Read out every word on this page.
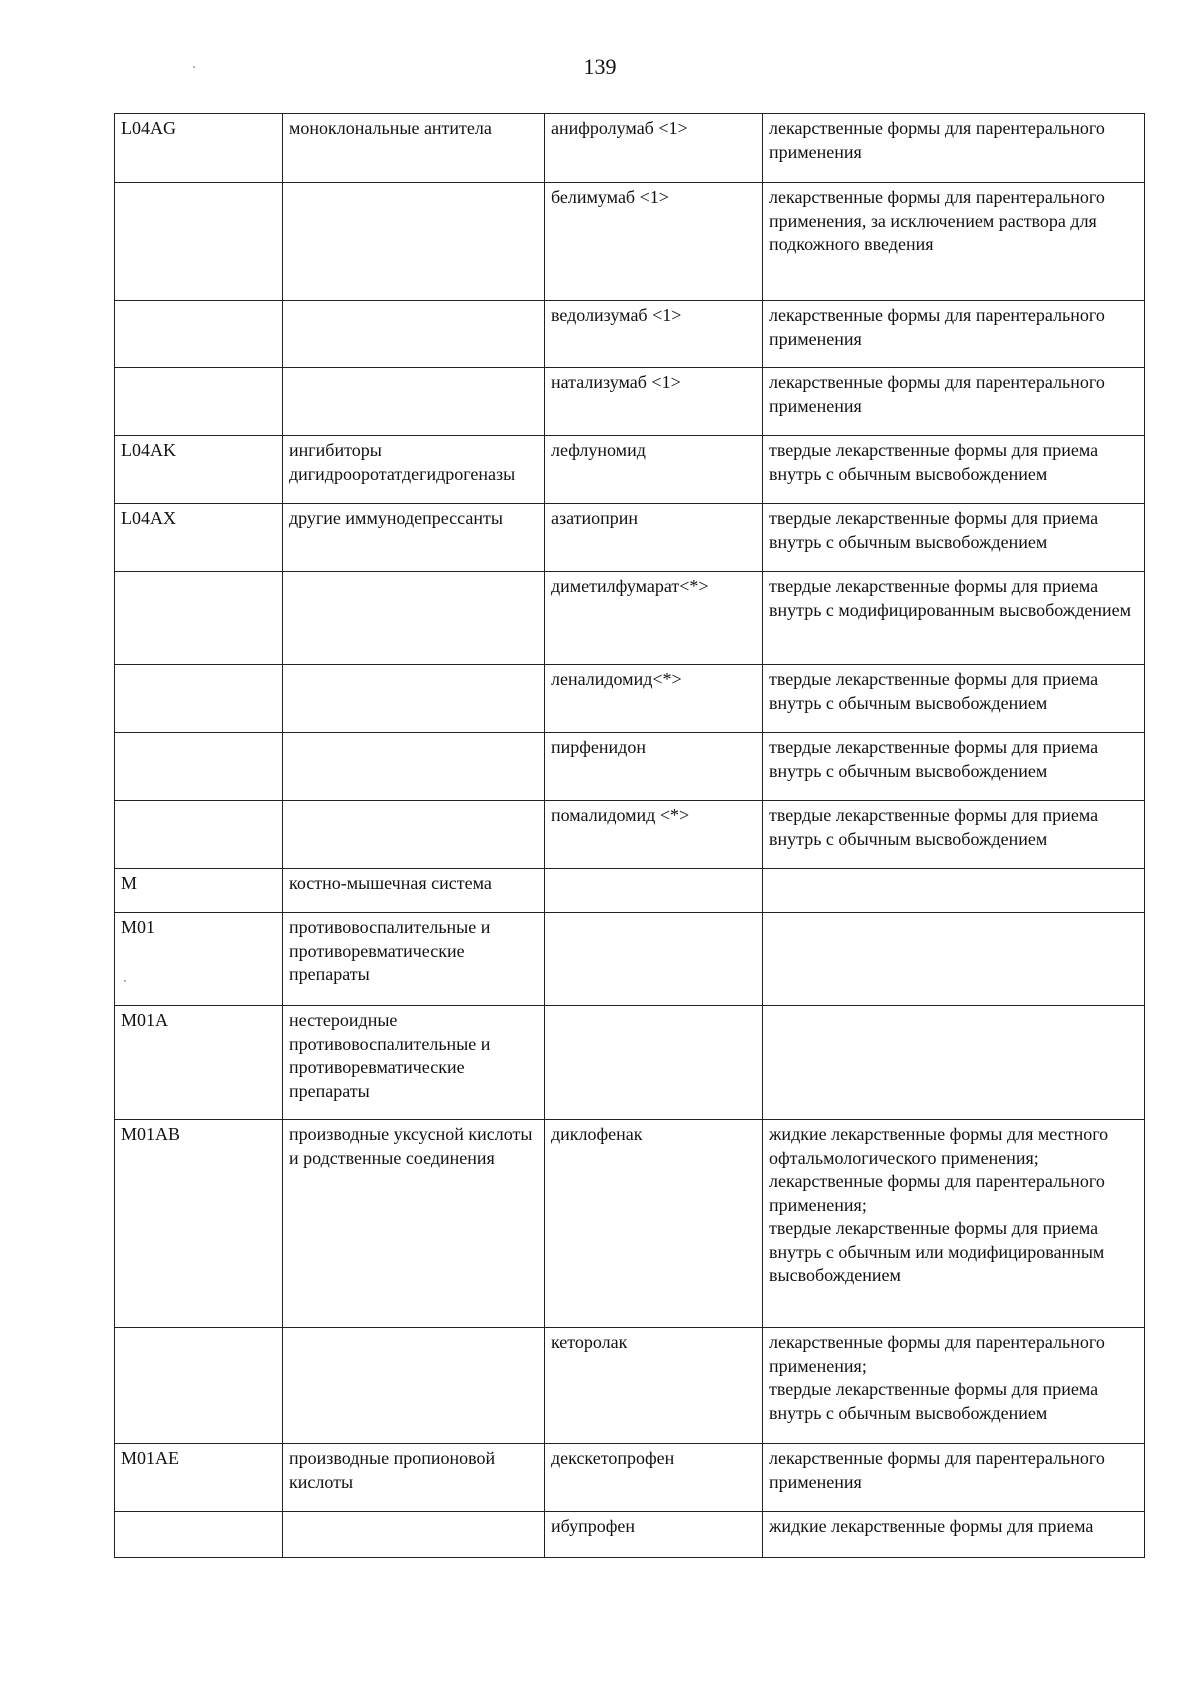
139
L04AG	моноклональные антитела	анифролумаб <1>	лекарственные формы для парентерального применения
		белимумаб <1>	лекарственные формы для парентерального применения, за исключением раствора для подкожного введения
		ведолизумаб <1>	лекарственные формы для парентерального применения
		натализумаб <1>	лекарственные формы для парентерального применения
L04AK	ингибиторы дигидрооротатдегидрогеназы	лефлуномид	твердые лекарственные формы для приема внутрь с обычным высвобождением
L04AX	другие иммунодепрессанты	азатиоприн	твердые лекарственные формы для приема внутрь с обычным высвобождением
		диметилфумарат<*>	твердые лекарственные формы для приема внутрь с модифицированным высвобождением
		леналидомид<*>	твердые лекарственные формы для приема внутрь с обычным высвобождением
		пирфенидон	твердые лекарственные формы для приема внутрь с обычным высвобождением
		помалидомид <*>	твердые лекарственные формы для приема внутрь с обычным высвобождением
M	костно-мышечная система		
M01	противовоспалительные и противоревматические препараты		
M01A	нестероидные противовоспалительные и противоревматические препараты		
M01AB	производные уксусной кислоты и родственные соединения	диклофенак	жидкие лекарственные формы для местного офтальмологического применения;
лекарственные формы для парентерального применения;
твердые лекарственные формы для приема внутрь с обычным или модифицированным высвобождением
		кеторолак	лекарственные формы для парентерального применения;
твердые лекарственные формы для приема внутрь с обычным высвобождением
M01AE	производные пропионовой кислоты	декскетопрофен	лекарственные формы для парентерального применения
		ибупрофен	жидкие лекарственные формы для приема
